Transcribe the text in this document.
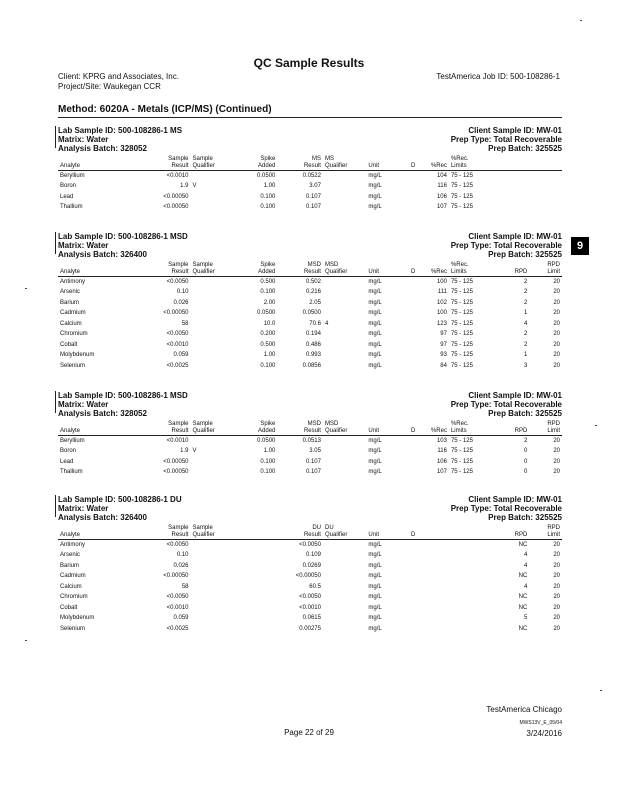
QC Sample Results
Client: KPRG and Associates, Inc.
Project/Site: Waukegan CCR
TestAmerica Job ID: 500-108286-1
Method: 6020A - Metals (ICP/MS) (Continued)
9
Lab Sample ID: 500-108286-1 MS
Matrix: Water
Analysis Batch: 328052
Client Sample ID: MW-01
Prep Type: Total Recoverable
Prep Batch: 325525
	Sample	Sample	Spike	MS	MS				%Rec.		
Analyte	Result	Qualifier	Added	Result	Qualifier	Unit	D	%Rec	Limits		
Beryllium	<0.0010		0.0500	0.0522		mg/L		104	75 - 125		
Boron	1.9	V	1.00	3.07		mg/L		116	75 - 125		
Lead	<0.00050		0.100	0.107		mg/L		106	75 - 125		
Thallium	<0.00050		0.100	0.107		mg/L		107	75 - 125		
Lab Sample ID: 500-108286-1 MSD
Matrix: Water
Analysis Batch: 326400
Client Sample ID: MW-01
Prep Type: Total Recoverable
Prep Batch: 325525
	Sample	Sample	Spike	MSD	MSD				%Rec.		RPD
Analyte	Result	Qualifier	Added	Result	Qualifier	Unit	D	%Rec	Limits	RPD	Limit
Antimony	<0.0050		0.500	0.502		mg/L		100	75 - 125	2	20
Arsenic	0.10		0.100	0.216		mg/L		111	75 - 125	2	20
Barium	0.026		2.00	2.05		mg/L		102	75 - 125	2	20
Cadmium	<0.00050		0.0500	0.0500		mg/L		100	75 - 125	1	20
Calcium	58		10.0	70.6	4	mg/L		123	75 - 125	4	20
Chromium	<0.0050		0.200	0.194		mg/L		97	75 - 125	2	20
Cobalt	<0.0010		0.500	0.486		mg/L		97	75 - 125	2	20
Molybdenum	0.059		1.00	0.993		mg/L		93	75 - 125	1	20
Selenium	<0.0025		0.100	0.0856		mg/L		84	75 - 125	3	20
Lab Sample ID: 500-108286-1 MSD
Matrix: Water
Analysis Batch: 328052
Client Sample ID: MW-01
Prep Type: Total Recoverable
Prep Batch: 325525
	Sample	Sample	Spike	MSD	MSD				%Rec.		RPD
Analyte	Result	Qualifier	Added	Result	Qualifier	Unit	D	%Rec	Limits	RPD	Limit
Beryllium	<0.0010		0.0500	0.0513		mg/L		103	75 - 125	2	20
Boron	1.9	V	1.00	3.05		mg/L		116	75 - 125	0	20
Lead	<0.00050		0.100	0.107		mg/L		106	75 - 125	0	20
Thallium	<0.00050		0.100	0.107		mg/L		107	75 - 125	0	20
Lab Sample ID: 500-108286-1 DU
Matrix: Water
Analysis Batch: 326400
Client Sample ID: MW-01
Prep Type: Total Recoverable
Prep Batch: 325525
	Sample	Sample		DU	DU						RPD
Analyte	Result	Qualifier		Result	Qualifier	Unit	D			RPD	Limit
Antimony	<0.0050			<0.0050		mg/L				NC	20
Arsenic	0.10			0.109		mg/L				4	20
Barium	0.026			0.0269		mg/L				4	20
Cadmium	<0.00050			<0.00050		mg/L				NC	20
Calcium	58			60.5		mg/L				4	20
Chromium	<0.0050			<0.0050		mg/L				NC	20
Cobalt	<0.0010			<0.0010		mg/L				NC	20
Molybdenum	0.059			0.0615		mg/L				5	20
Selenium	<0.0025			0.00275		mg/L				NC	20
Page 22 of 29
TestAmerica Chicago
MWS13V_E_05/04
3/24/2016
